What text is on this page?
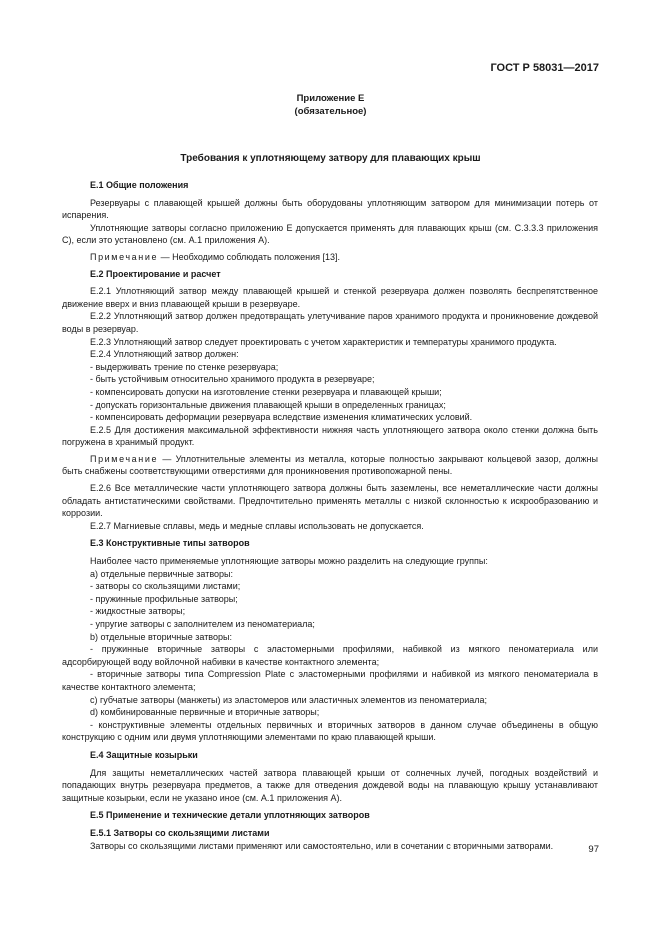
ГОСТ Р 58031—2017
Приложение Е
(обязательное)
Требования к уплотняющему затвору для плавающих крыш

Е.1 Общие положения

Резервуары с плавающей крышей должны быть оборудованы уплотняющим затвором для минимизации потерь от испарения.

Уплотняющие затворы согласно приложению Е допускается применять для плавающих крыш (см. С.3.3.3 приложения С), если это установлено (см. А.1 приложения А).

Примечание — Необходимо соблюдать положения [13].

Е.2 Проектирование и расчет

Е.2.1 Уплотняющий затвор между плавающей крышей и стенкой резервуара должен позволять беспрепятственное движение вверх и вниз плавающей крыши в резервуаре.

Е.2.2 Уплотняющий затвор должен предотвращать улетучивание паров хранимого продукта и проникновение дождевой воды в резервуар.

Е.2.3 Уплотняющий затвор следует проектировать с учетом характеристик и температуры хранимого продукта.

Е.2.4 Уплотняющий затвор должен:

- выдерживать трение по стенке резервуара;

- быть устойчивым относительно хранимого продукта в резервуаре;

- компенсировать допуски на изготовление стенки резервуара и плавающей крыши;

- допускать горизонтальные движения плавающей крыши в определенных границах;

- компенсировать деформации резервуара вследствие изменения климатических условий.

Е.2.5 Для достижения максимальной эффективности нижняя часть уплотняющего затвора около стенки должна быть погружена в хранимый продукт.

Примечание — Уплотнительные элементы из металла, которые полностью закрывают кольцевой зазор, должны быть снабжены соответствующими отверстиями для проникновения противопожарной пены.

Е.2.6 Все металлические части уплотняющего затвора должны быть заземлены, все неметаллические части должны обладать антистатическими свойствами. Предпочтительно применять металлы с низкой склонностью к искрообразованию и коррозии.

Е.2.7 Магниевые сплавы, медь и медные сплавы использовать не допускается.

Е.3 Конструктивные типы затворов

Наиболее часто применяемые уплотняющие затворы можно разделить на следующие группы:

a) отдельные первичные затворы:

- затворы со скользящими листами;

- пружинные профильные затворы;

- жидкостные затворы;

- упругие затворы с заполнителем из пеноматериала;

b) отдельные вторичные затворы:

- пружинные вторичные затворы с эластомерными профилями, набивкой из мягкого пеноматериала или адсорбирующей воду войлочной набивки в качестве контактного элемента;

- вторичные затворы типа Compression Plate с эластомерными профилями и набивкой из мягкого пеноматериала в качестве контактного элемента;

c) губчатые затворы (манжеты) из эластомеров или эластичных элементов из пеноматериала;

d) комбинированные первичные и вторичные затворы;

- конструктивные элементы отдельных первичных и вторичных затворов в данном случае объединены в общую конструкцию с одним или двумя уплотняющими элементами по краю плавающей крыши.

Е.4 Защитные козырьки

Для защиты неметаллических частей затвора плавающей крыши от солнечных лучей, погодных воздействий и попадающих внутрь резервуара предметов, а также для отведения дождевой воды на плавающую крышу устанавливают защитные козырьки, если не указано иное (см. А.1 приложения А).

Е.5 Применение и технические детали уплотняющих затворов

Е.5.1 Затворы со скользящими листами

Затворы со скользящими листами применяют или самостоятельно, или в сочетании с вторичными затворами.	97
